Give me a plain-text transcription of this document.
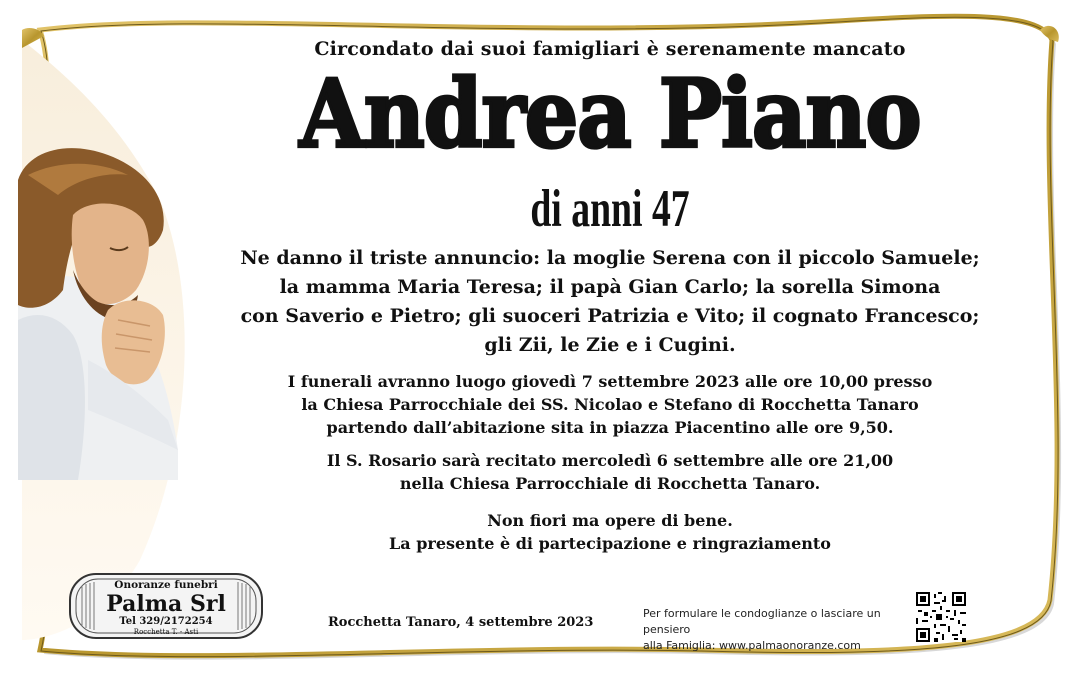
Circondato dai suoi famigliari è serenamente mancato
Andrea Piano
di anni 47
Ne danno il triste annuncio: la moglie Serena con il piccolo Samuele;
la mamma Maria Teresa; il papà Gian Carlo; la sorella Simona
con Saverio e Pietro; gli suoceri Patrizia e Vito; il cognato Francesco;
gli Zii, le Zie e i Cugini.
I funerali avranno luogo giovedì 7 settembre 2023 alle ore 10,00 presso
la Chiesa Parrocchiale dei SS. Nicolao e Stefano di Rocchetta Tanaro
partendo dall’abitazione sita in piazza Piacentino alle ore 9,50.
Il S. Rosario sarà recitato mercoledì 6 settembre alle ore 21,00
nella Chiesa Parrocchiale di Rocchetta Tanaro.
Non fiori ma opere di bene.
La presente è di partecipazione e ringraziamento
Onoranze funebri
Palma Srl
Tel 329/2172254
Rocchetta T. - Asti
Rocchetta Tanaro, 4 settembre 2023
Per formulare le condoglianze o lasciare un pensiero
alla Famiglia: www.palmaonoranze.com
